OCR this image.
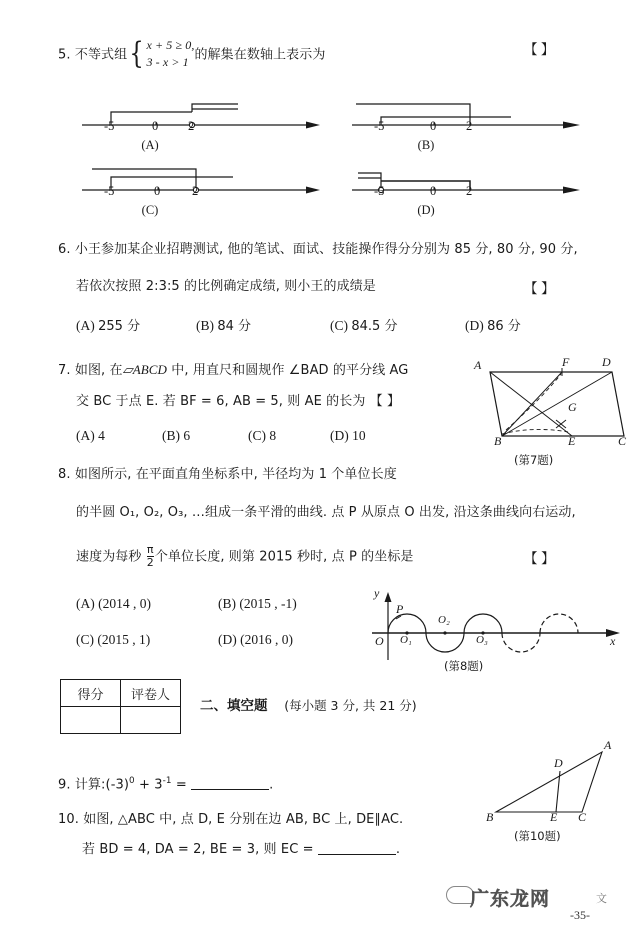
5. 不等式组{ x + 5 ≥ 0,
3 - x > 1 的解集在数轴上表示为	【 】
-5	0 2
(A)
-5	0 2
(B)
-5	0	2
(C)
-5	0 2
(D)
6. 小王参加某企业招聘测试, 他的笔试、面试、技能操作得分分别为 85 分, 80 分, 90 分,
若依次按照 2:3:5 的比例确定成绩, 则小王的成绩是	【 】
(A) 255 分	(B) 84 分	(C) 84.5 分	(D) 86 分
7. 如图, 在▱ABCD 中, 用直尺和圆规作 ∠BAD 的平分线 AG
交 BC 于点 E. 若 BF = 6, AB = 5, 则 AE 的长为 【 】
(A) 4	(B) 6	(C) 8	(D) 10
A	F	D
B	E	C
G
(第7题)
8. 如图所示, 在平面直角坐标系中, 半径均为 1 个单位长度
的半圆 O₁, O₂, O₃, …组成一条平滑的曲线. 点 P 从原点 O 出发, 沿这条曲线向右运动,
速度为每秒 $\frac{\pi}{2}$ 个单位长度, 则第 2015 秒时, 点 P 的坐标是	【 】
(A) (2014 , 0)	(B) (2015 , -1)
(C) (2015 , 1)	(D) (2016 , 0)
y
x
O
P
O₁
O₂
O₃
(第8题)
得分	评卷人

二、填空题 (每小题 3 分, 共 21 分)
9. 计算$:(-3)^0 + 3^{-1}$ =	.
10. 如图, △ABC 中, 点 D, E 分别在边 AB, BC 上, DE∥AC.
若 BD = 4, DA = 2, BE = 3, 则 EC =	.
A
D
B	E C
(第10题)
广东龙网	文
-35-
